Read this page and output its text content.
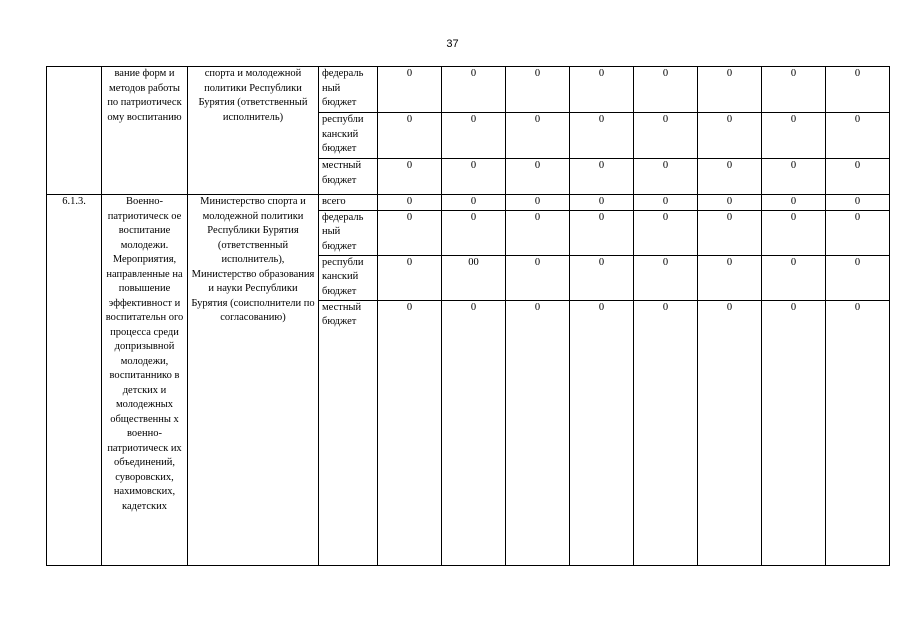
37
	вание форм и методов работы по патриотическ ому воспитанию	спорта и молодежной политики Республики Бурятия (ответственный исполнитель)	федераль ный бюджет	0	0	0	0	0	0	0	0
			республи канский бюджет	0	0	0	0	0	0	0	0
			местный бюджет	0	0	0	0	0	0	0	0
6.1.3.	Военно-патриотическ ое воспитание молодежи. Мероприятия, направленные на повышение эффективност и воспитательн ого процесса среди допризывной молодежи, воспитаннико в детских и молодежных общественны х военно-патриотическ их объединений, суворовских, нахимовских, кадетских	Министерство спорта и молодежной политики Республики Бурятия (ответственный исполнитель), Министерство образования и науки Республики Бурятия (соисполнители по согласованию)	всего	0	0	0	0	0	0	0	0
			федераль ный бюджет	0	0	0	0	0	0	0	0
			республи канский бюджет	0	00	0	0	0	0	0	0
			местный бюджет	0	0	0	0	0	0	0	0
